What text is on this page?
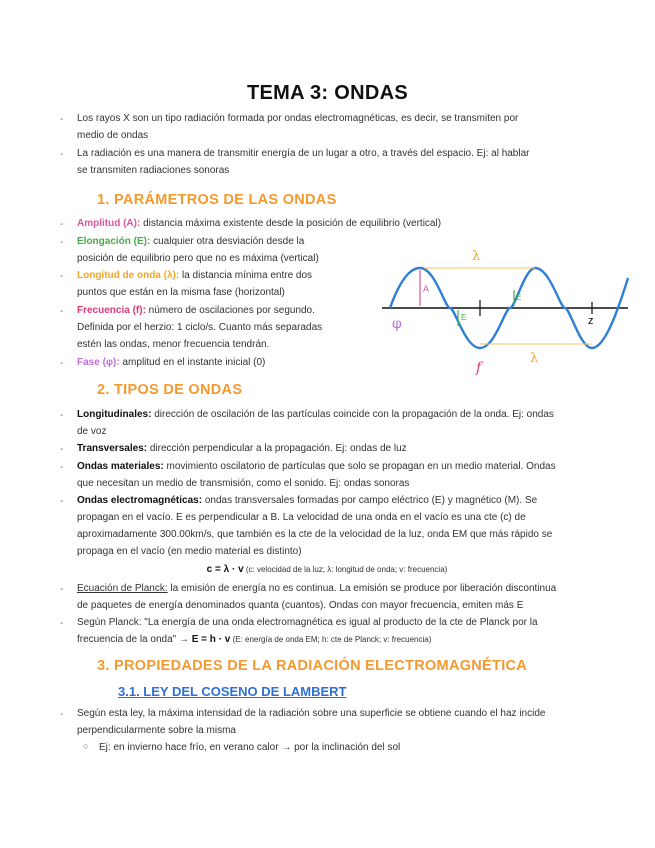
TEMA 3: ONDAS
- Los rayos X son un tipo radiación formada por ondas electromagnéticas, es decir, se transmiten por
medio de ondas
- La radiación es una manera de transmitir energía de un lugar a otro, a través del espacio. Ej: al hablar
se transmiten radiaciones sonoras
1. PARÁMETROS DE LAS ONDAS
- Amplitud (A): distancia máxima existente desde la posición de equilibrio (vertical)
- Elongación (E): cualquier otra desviación desde la
posición de equilibrio pero que no es máxima (vertical)
- Longitud de onda (λ): la distancia mínima entre dos
puntos que están en la misma fase (horizontal)
- Frecuencia (f): número de oscilaciones por segundo.
Definida por el herzio: 1 ciclo/s. Cuanto más separadas
estén las ondas, menor frecuencia tendrán.
- Fase (φ): amplitud en el instante inicial (0)
λ
λ
A
E
E
φ	z
f
2. TIPOS DE ONDAS
- Longitudinales: dirección de oscilación de las partículas coincide con la propagación de la onda. Ej: ondas
de voz
- Transversales: dirección perpendicular a la propagación. Ej: ondas de luz
- Ondas materiales: movimiento oscilatorio de partículas que solo se propagan en un medio material. Ondas
que necesitan un medio de transmisión, como el sonido. Ej: ondas sonoras
- Ondas electromagnéticas: ondas transversales formadas por campo eléctrico (E) y magnético (M). Se
propagan en el vacío. E es perpendicular a B. La velocidad de una onda en el vacío es una cte (c) de
aproximadamente 300.00km/s, que también es la cte de la velocidad de la luz, onda EM que más rápido se
propaga en el vacío (en medio material es distinto)
c = λ · v (c: velocidad de la luz; λ: longitud de onda; v: frecuencia)
- Ecuación de Planck: la emisión de energía no es continua. La emisión se produce por liberación discontinua
de paquetes de energía denominados quanta (cuantos). Ondas con mayor frecuencia, emiten más E
- Según Planck: "La energía de una onda electromagnética es igual al producto de la cte de Planck por la
frecuencia de la onda" → E = h · v (E: energía de onda EM; h: cte de Planck; v: frecuencia)
3. PROPIEDADES DE LA RADIACIÓN ELECTROMAGNÉTICA
3.1. LEY DEL COSENO DE LAMBERT
- Según esta ley, la máxima intensidad de la radiación sobre una superficie se obtiene cuando el haz incide
perpendicularmente sobre la misma
○ Ej: en invierno hace frío, en verano calor → por la inclinación del sol
